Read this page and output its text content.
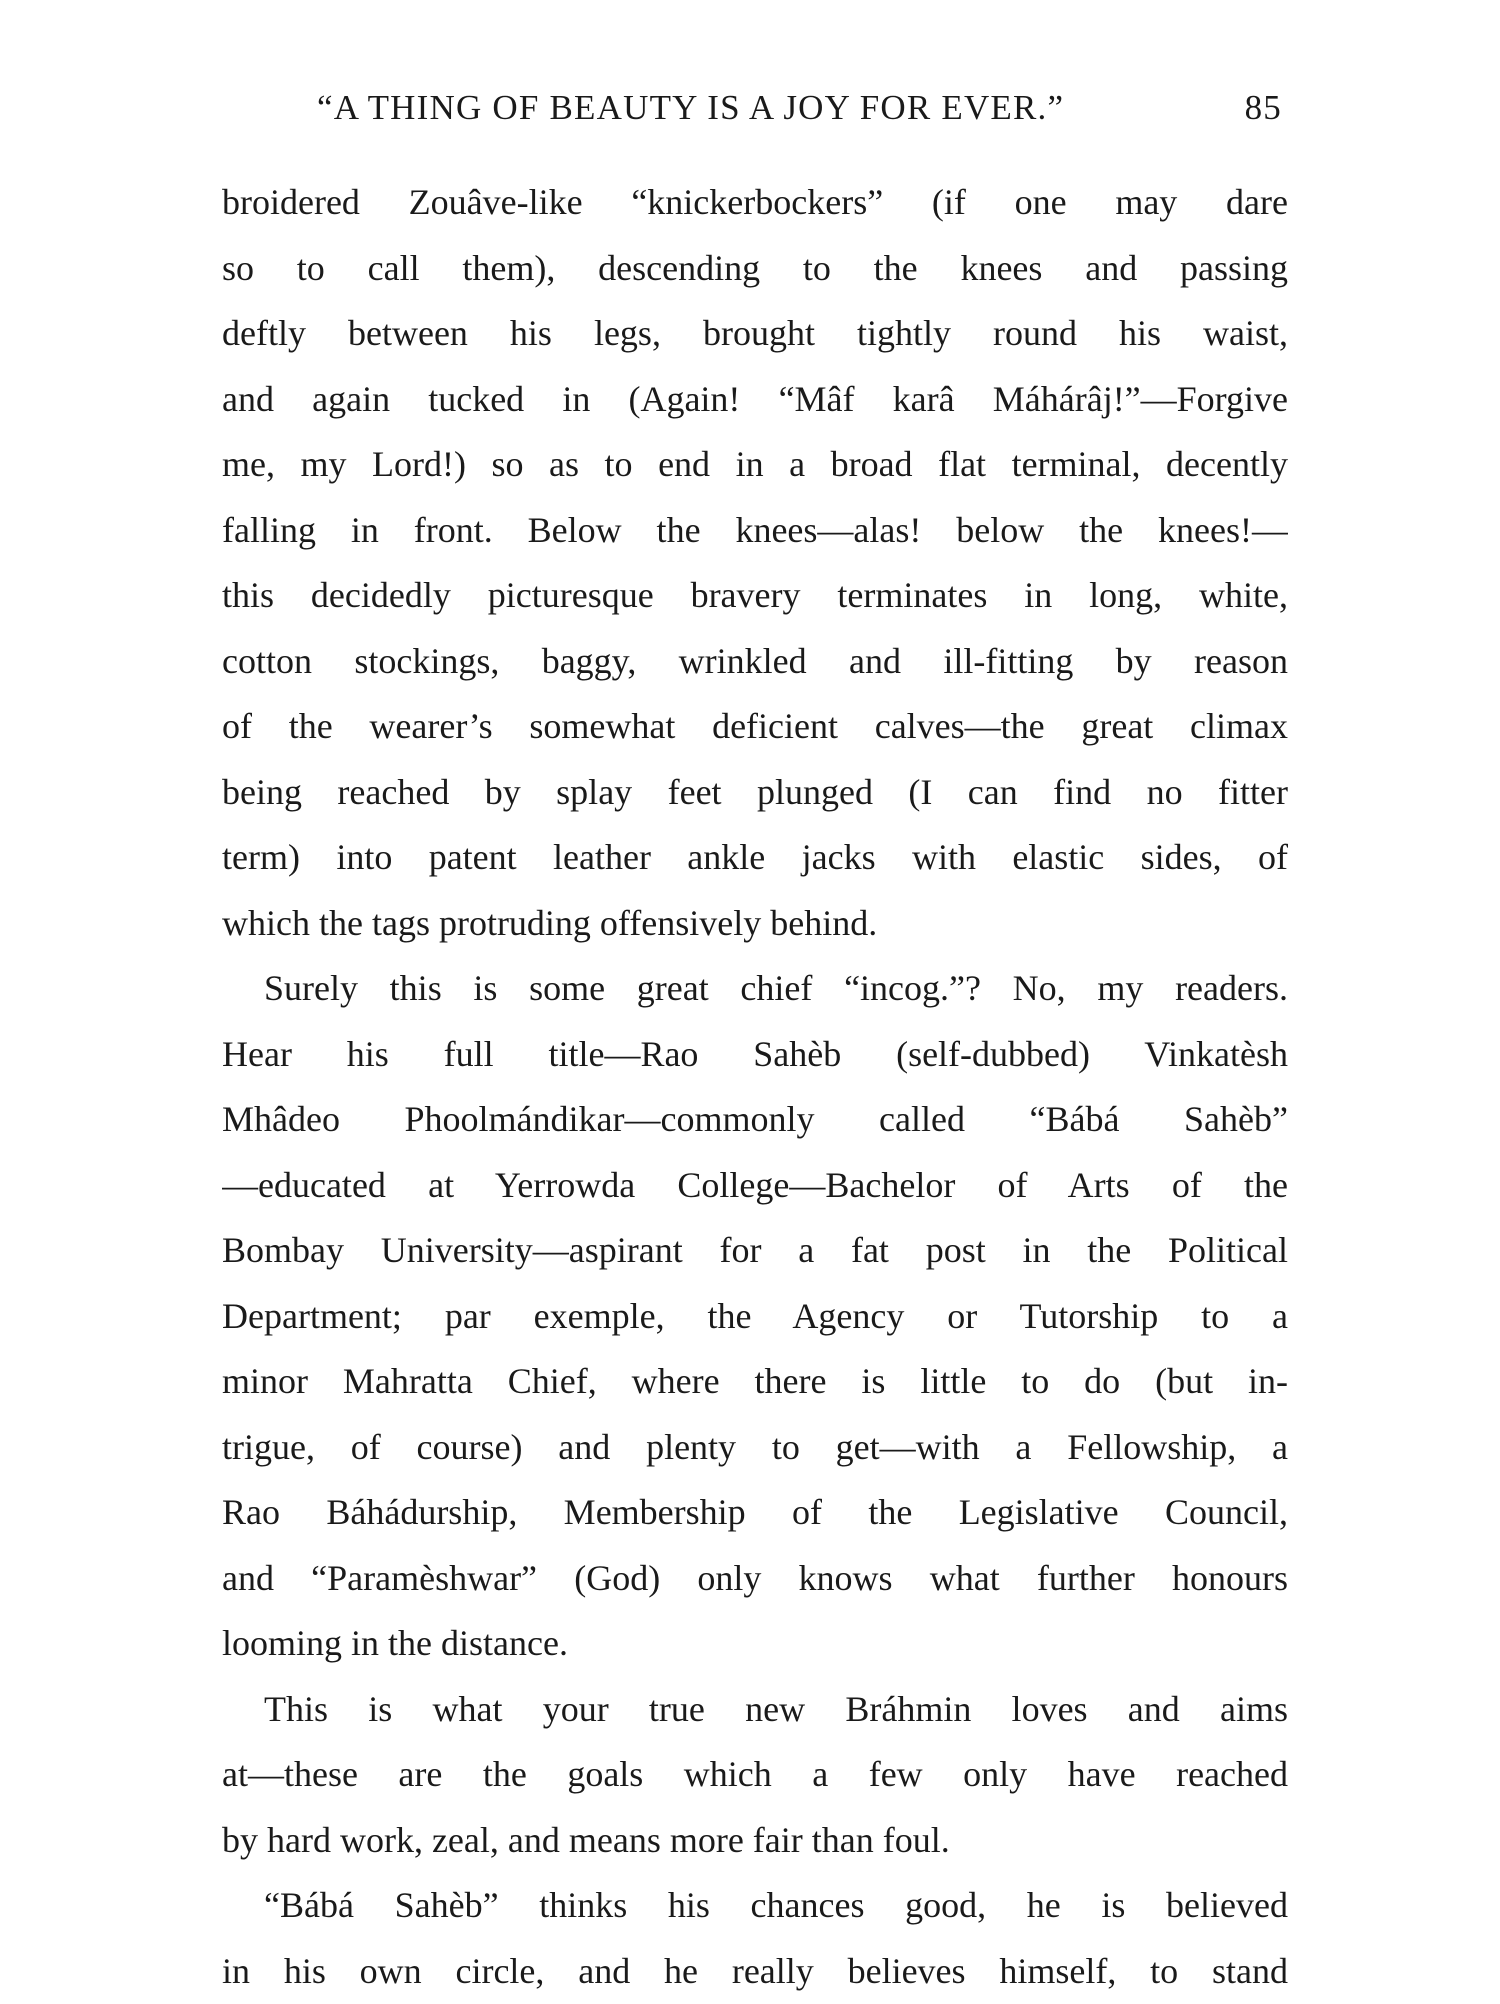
“A THING OF BEAUTY IS A JOY FOR EVER.”	85
broidered Zouâve-like “knickerbockers” (if one may dare
so to call them), descending to the knees and passing
deftly between his legs, brought tightly round his waist,
and again tucked in (Again! “Mâf karâ Máhárâj!”—Forgive
me, my Lord!) so as to end in a broad flat terminal, decently
falling in front. Below the knees—alas! below the knees!—
this decidedly picturesque bravery terminates in long, white,
cotton stockings, baggy, wrinkled and ill-fitting by reason
of the wearer’s somewhat deficient calves—the great climax
being reached by splay feet plunged (I can find no fitter
term) into patent leather ankle jacks with elastic sides, of
which the tags protruding offensively behind.
Surely this is some great chief “incog.”? No, my readers.
Hear his full title—Rao Sahèb (self-dubbed) Vinkatèsh
Mhâdeo Phoolmándikar—commonly called “Bábá Sahèb”
—educated at Yerrowda College—Bachelor of Arts of the
Bombay University—aspirant for a fat post in the Political
Department; par exemple, the Agency or Tutorship to a
minor Mahratta Chief, where there is little to do (but in-
trigue, of course) and plenty to get—with a Fellowship, a
Rao Báhádurship, Membership of the Legislative Council,
and “Paramèshwar” (God) only knows what further honours
looming in the distance.
This is what your true new Bráhmin loves and aims
at—these are the goals which a few only have reached
by hard work, zeal, and means more fair than foul.
“Bábá Sahèb” thinks his chances good, he is believed
in his own circle, and he really believes himself, to stand
